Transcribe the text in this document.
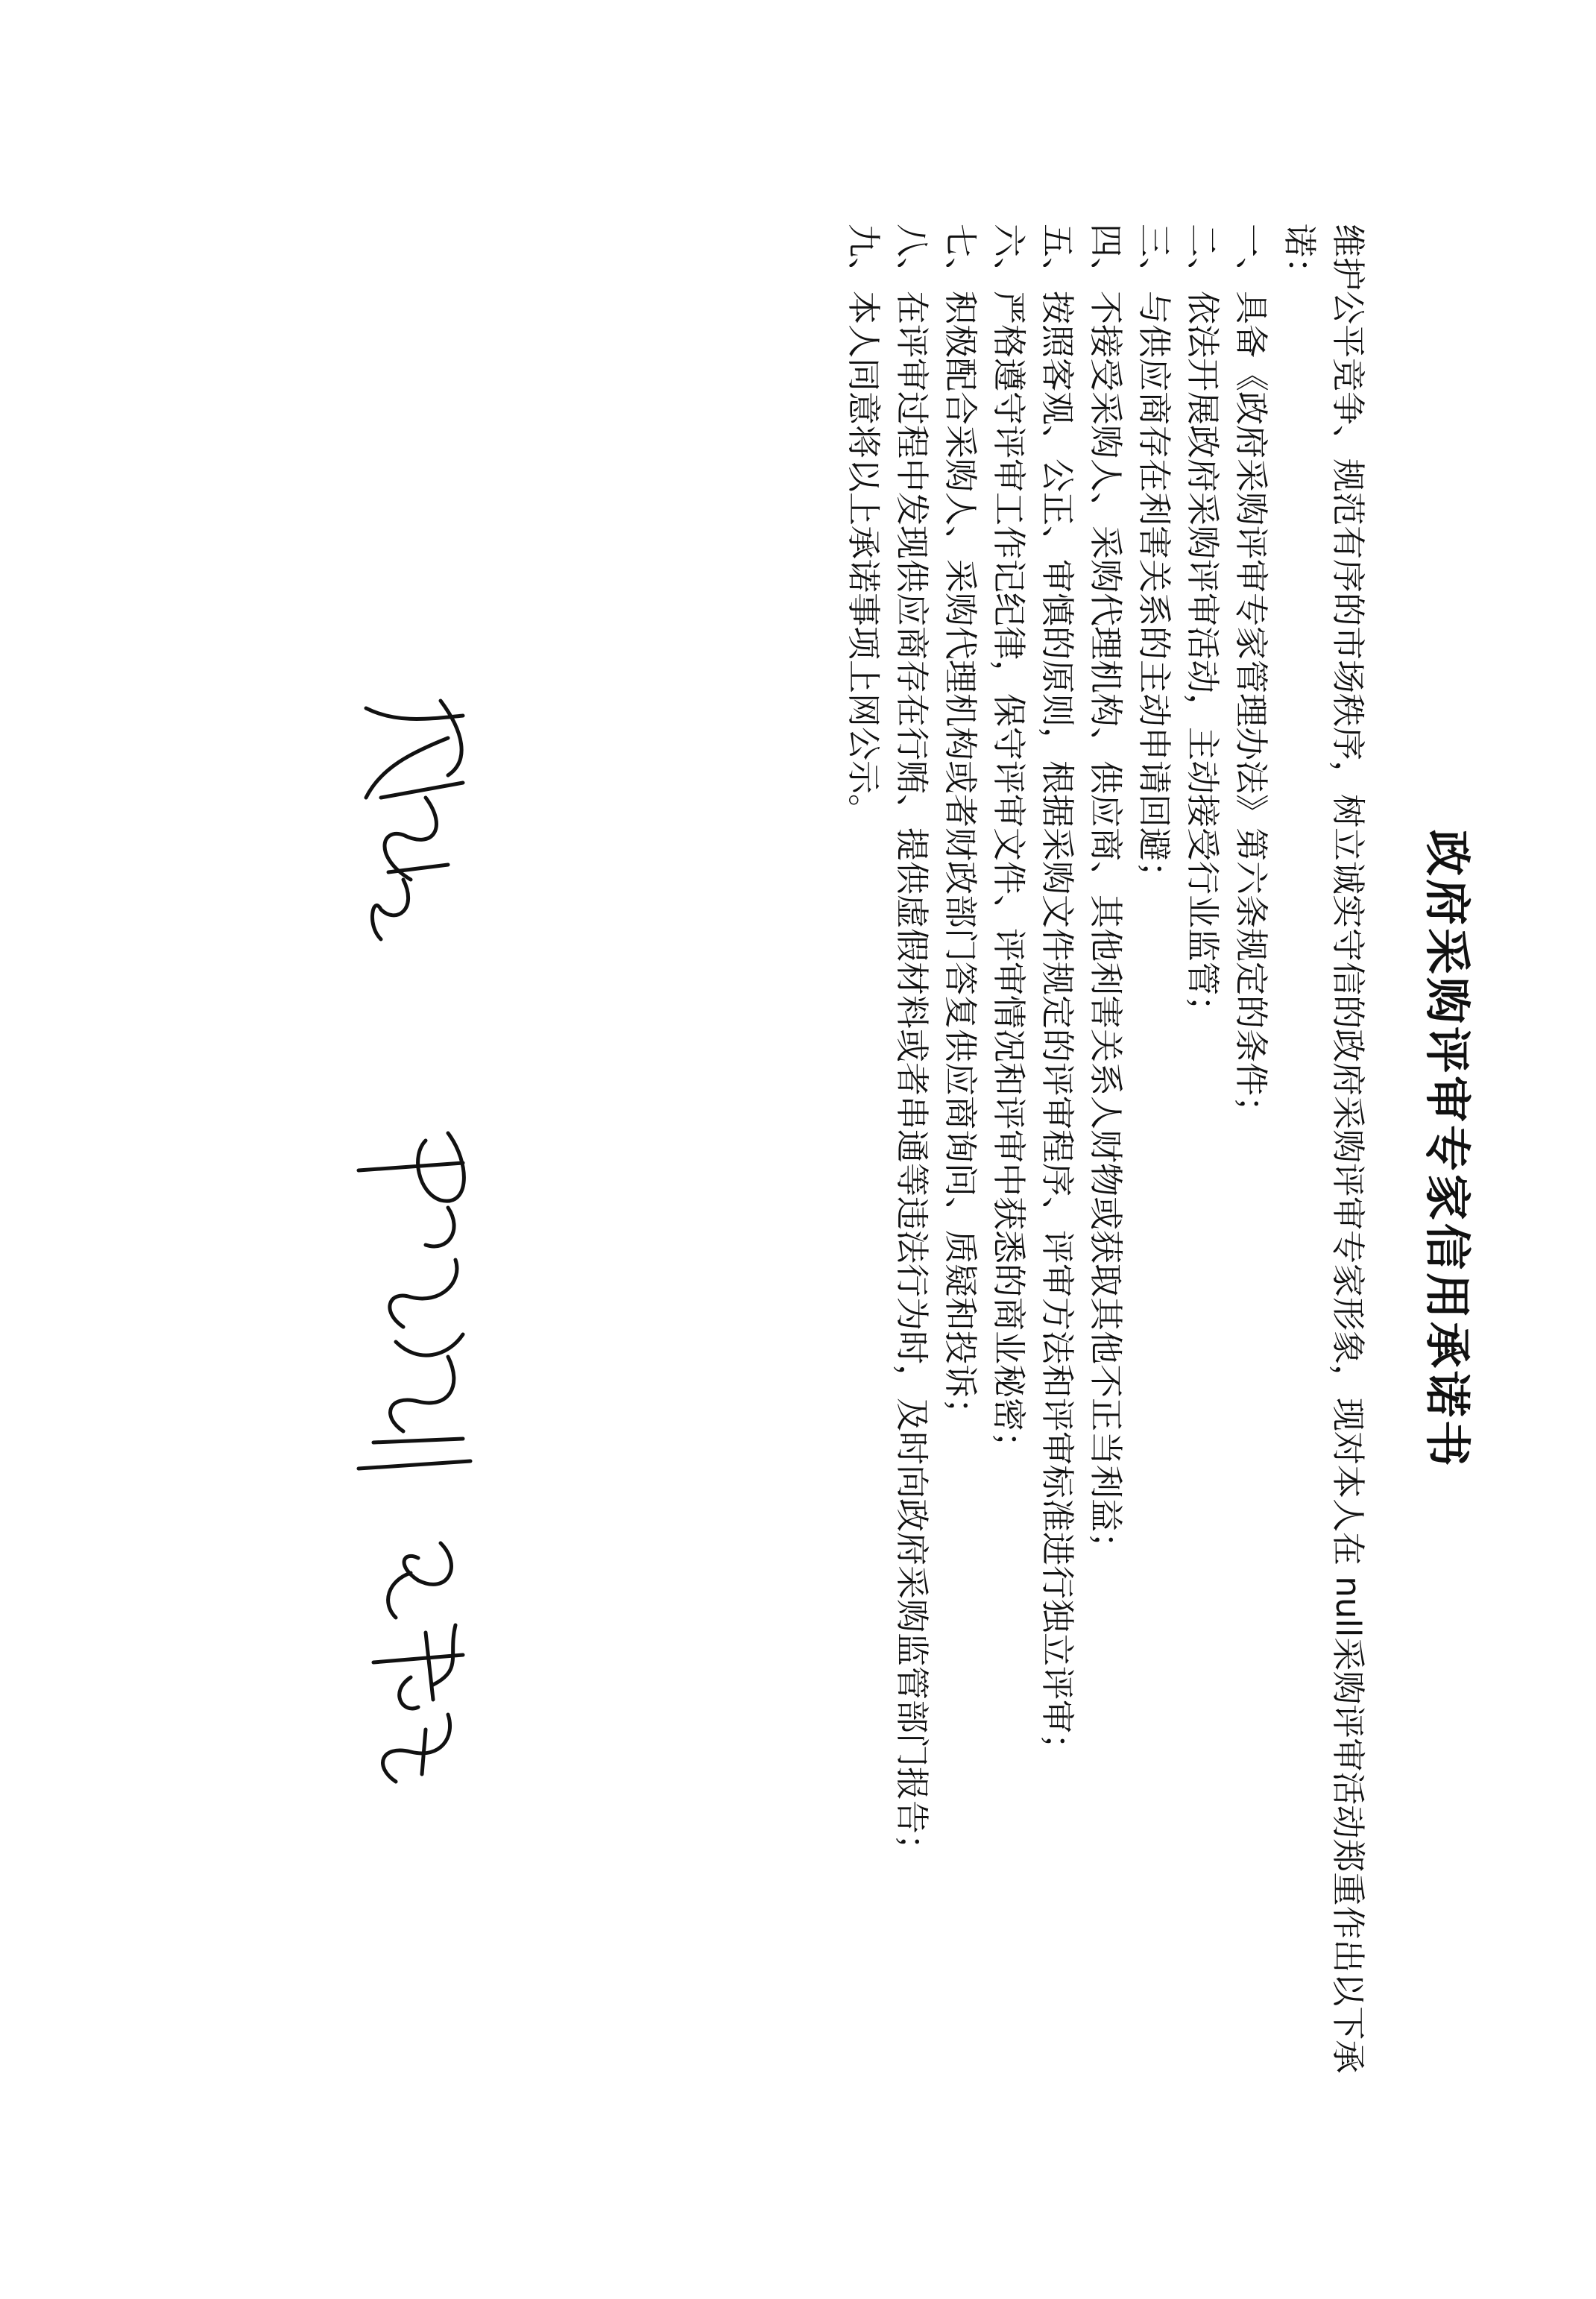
政府采购评审专家信用承诺书

维护公平竞争、规范有序的市场秩序，树立诚实守信的政府采购评审专家形象，现对本人在 null采购评审活动郑重作出以下承诺：

一、具备《政府采购评审专家管理办法》第六条规定的条件；

二、依法开展政府采购评审活动，主动接受行业监管；

三、与供应商存在利害关系的主动申请回避；

四、不接受采购人、采购代理机构、供应商、其他利害关系人财物或获取其他不正当利益；

五、按照客观、公正、审慎的原则，根据采购文件规定的评审程序、评审方法和评审标准进行独立评审；

六、严格遵守评审工作记纪律，保守评审文件、评审情况和评审中获悉的商业秘密；

七、积极配合采购人、采购代理机构或者财政部门答复供应商询问、质疑和投诉；

八、在评审过程中发现供应商存在行贿、提供虚假材料或者串通等违法行为时，及时向政府采购监管部门报告；

九、本人同意将以上承诺事项上网公示。
